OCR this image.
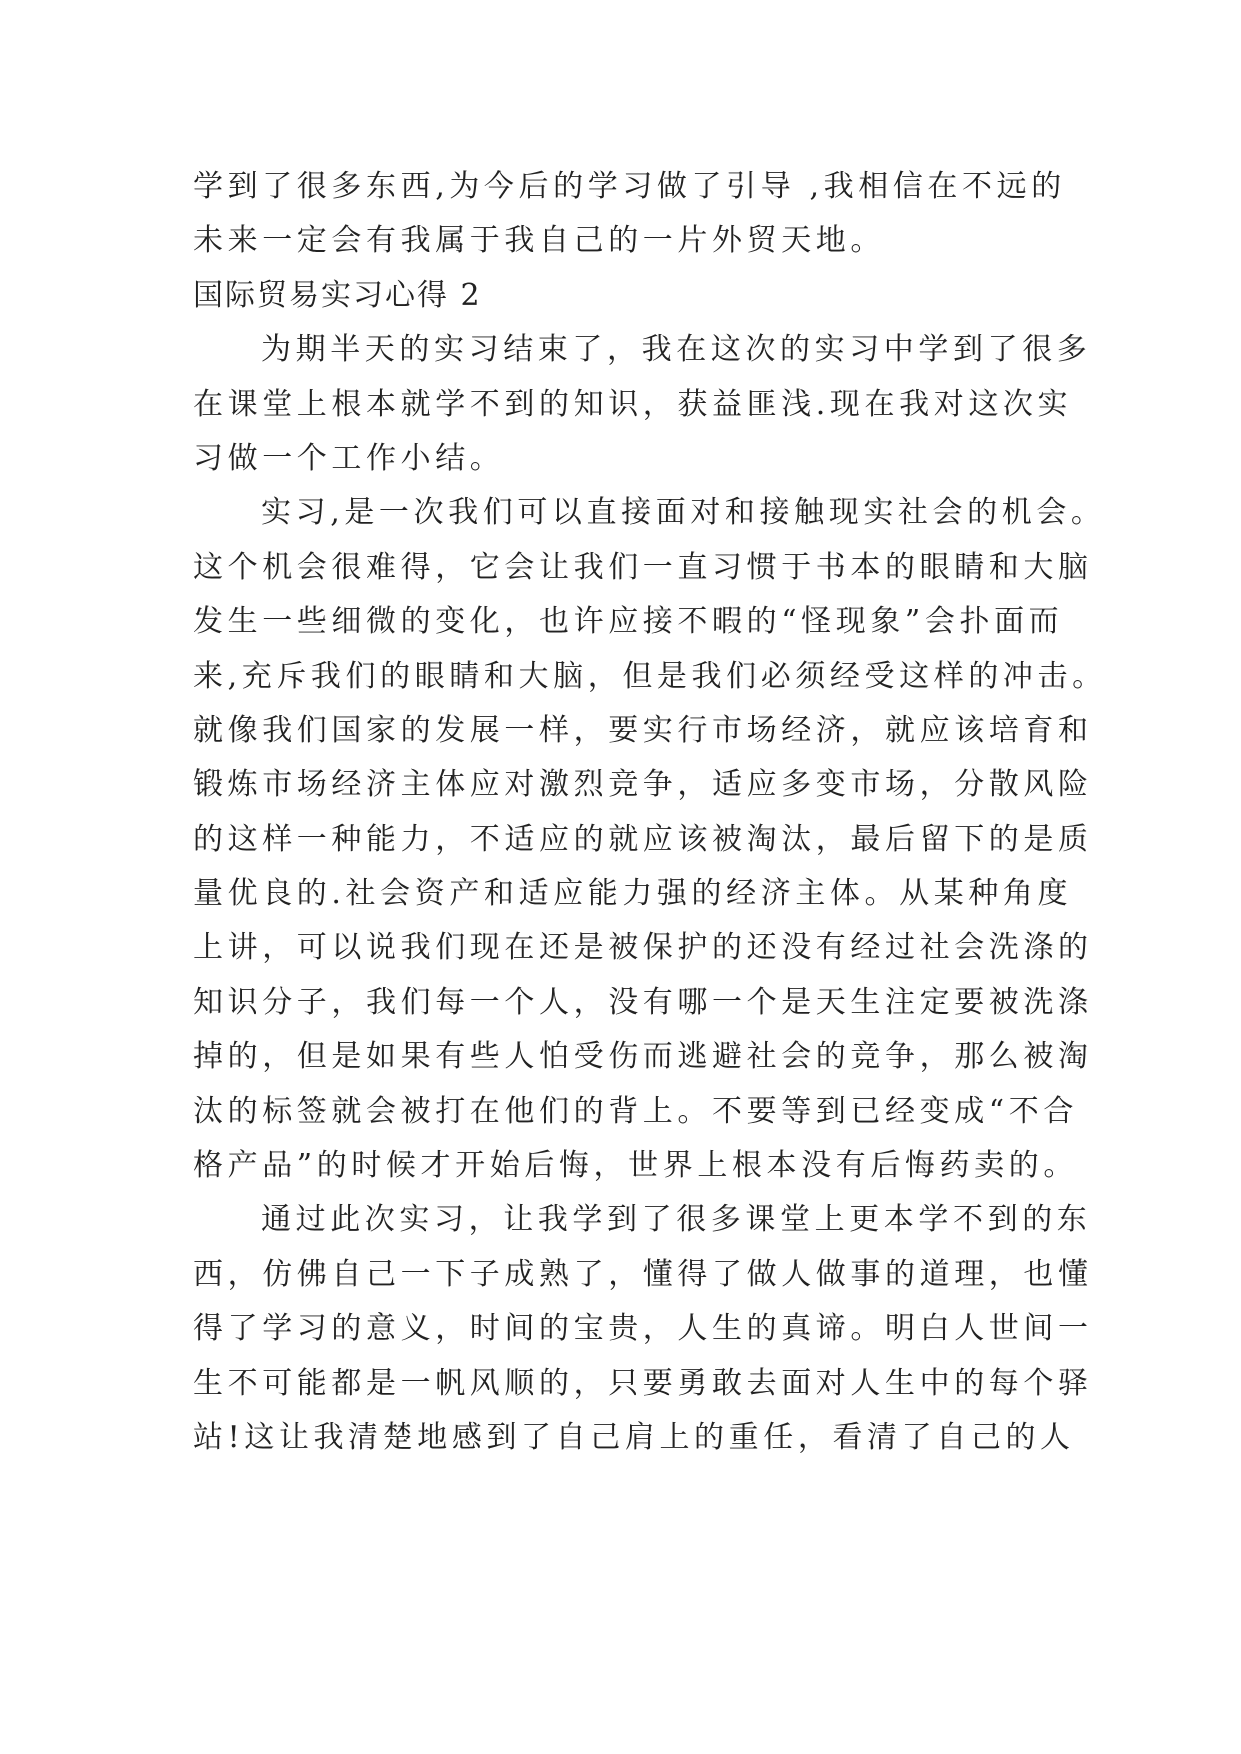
学到了很多东西,为今后的学习做了引导 ,我相信在不远的
未来一定会有我属于我自己的一片外贸天地。
国际贸易实习心得 2
为期半天的实习结束了，我在这次的实习中学到了很多
在课堂上根本就学不到的知识，获益匪浅.现在我对这次实
习做一个工作小结。
实习,是一次我们可以直接面对和接触现实社会的机会。
这个机会很难得，它会让我们一直习惯于书本的眼睛和大脑
发生一些细微的变化，也许应接不暇的“怪现象”会扑面而
来,充斥我们的眼睛和大脑，但是我们必须经受这样的冲击。
就像我们国家的发展一样，要实行市场经济，就应该培育和
锻炼市场经济主体应对激烈竞争，适应多变市场，分散风险
的这样一种能力，不适应的就应该被淘汰，最后留下的是质
量优良的.社会资产和适应能力强的经济主体。从某种角度
上讲，可以说我们现在还是被保护的还没有经过社会洗涤的
知识分子，我们每一个人，没有哪一个是天生注定要被洗涤
掉的，但是如果有些人怕受伤而逃避社会的竞争，那么被淘
汰的标签就会被打在他们的背上。不要等到已经变成“不合
格产品”的时候才开始后悔，世界上根本没有后悔药卖的。
通过此次实习，让我学到了很多课堂上更本学不到的东
西，仿佛自己一下子成熟了，懂得了做人做事的道理，也懂
得了学习的意义，时间的宝贵，人生的真谛。明白人世间一
生不可能都是一帆风顺的，只要勇敢去面对人生中的每个驿
站!这让我清楚地感到了自己肩上的重任，看清了自己的人
